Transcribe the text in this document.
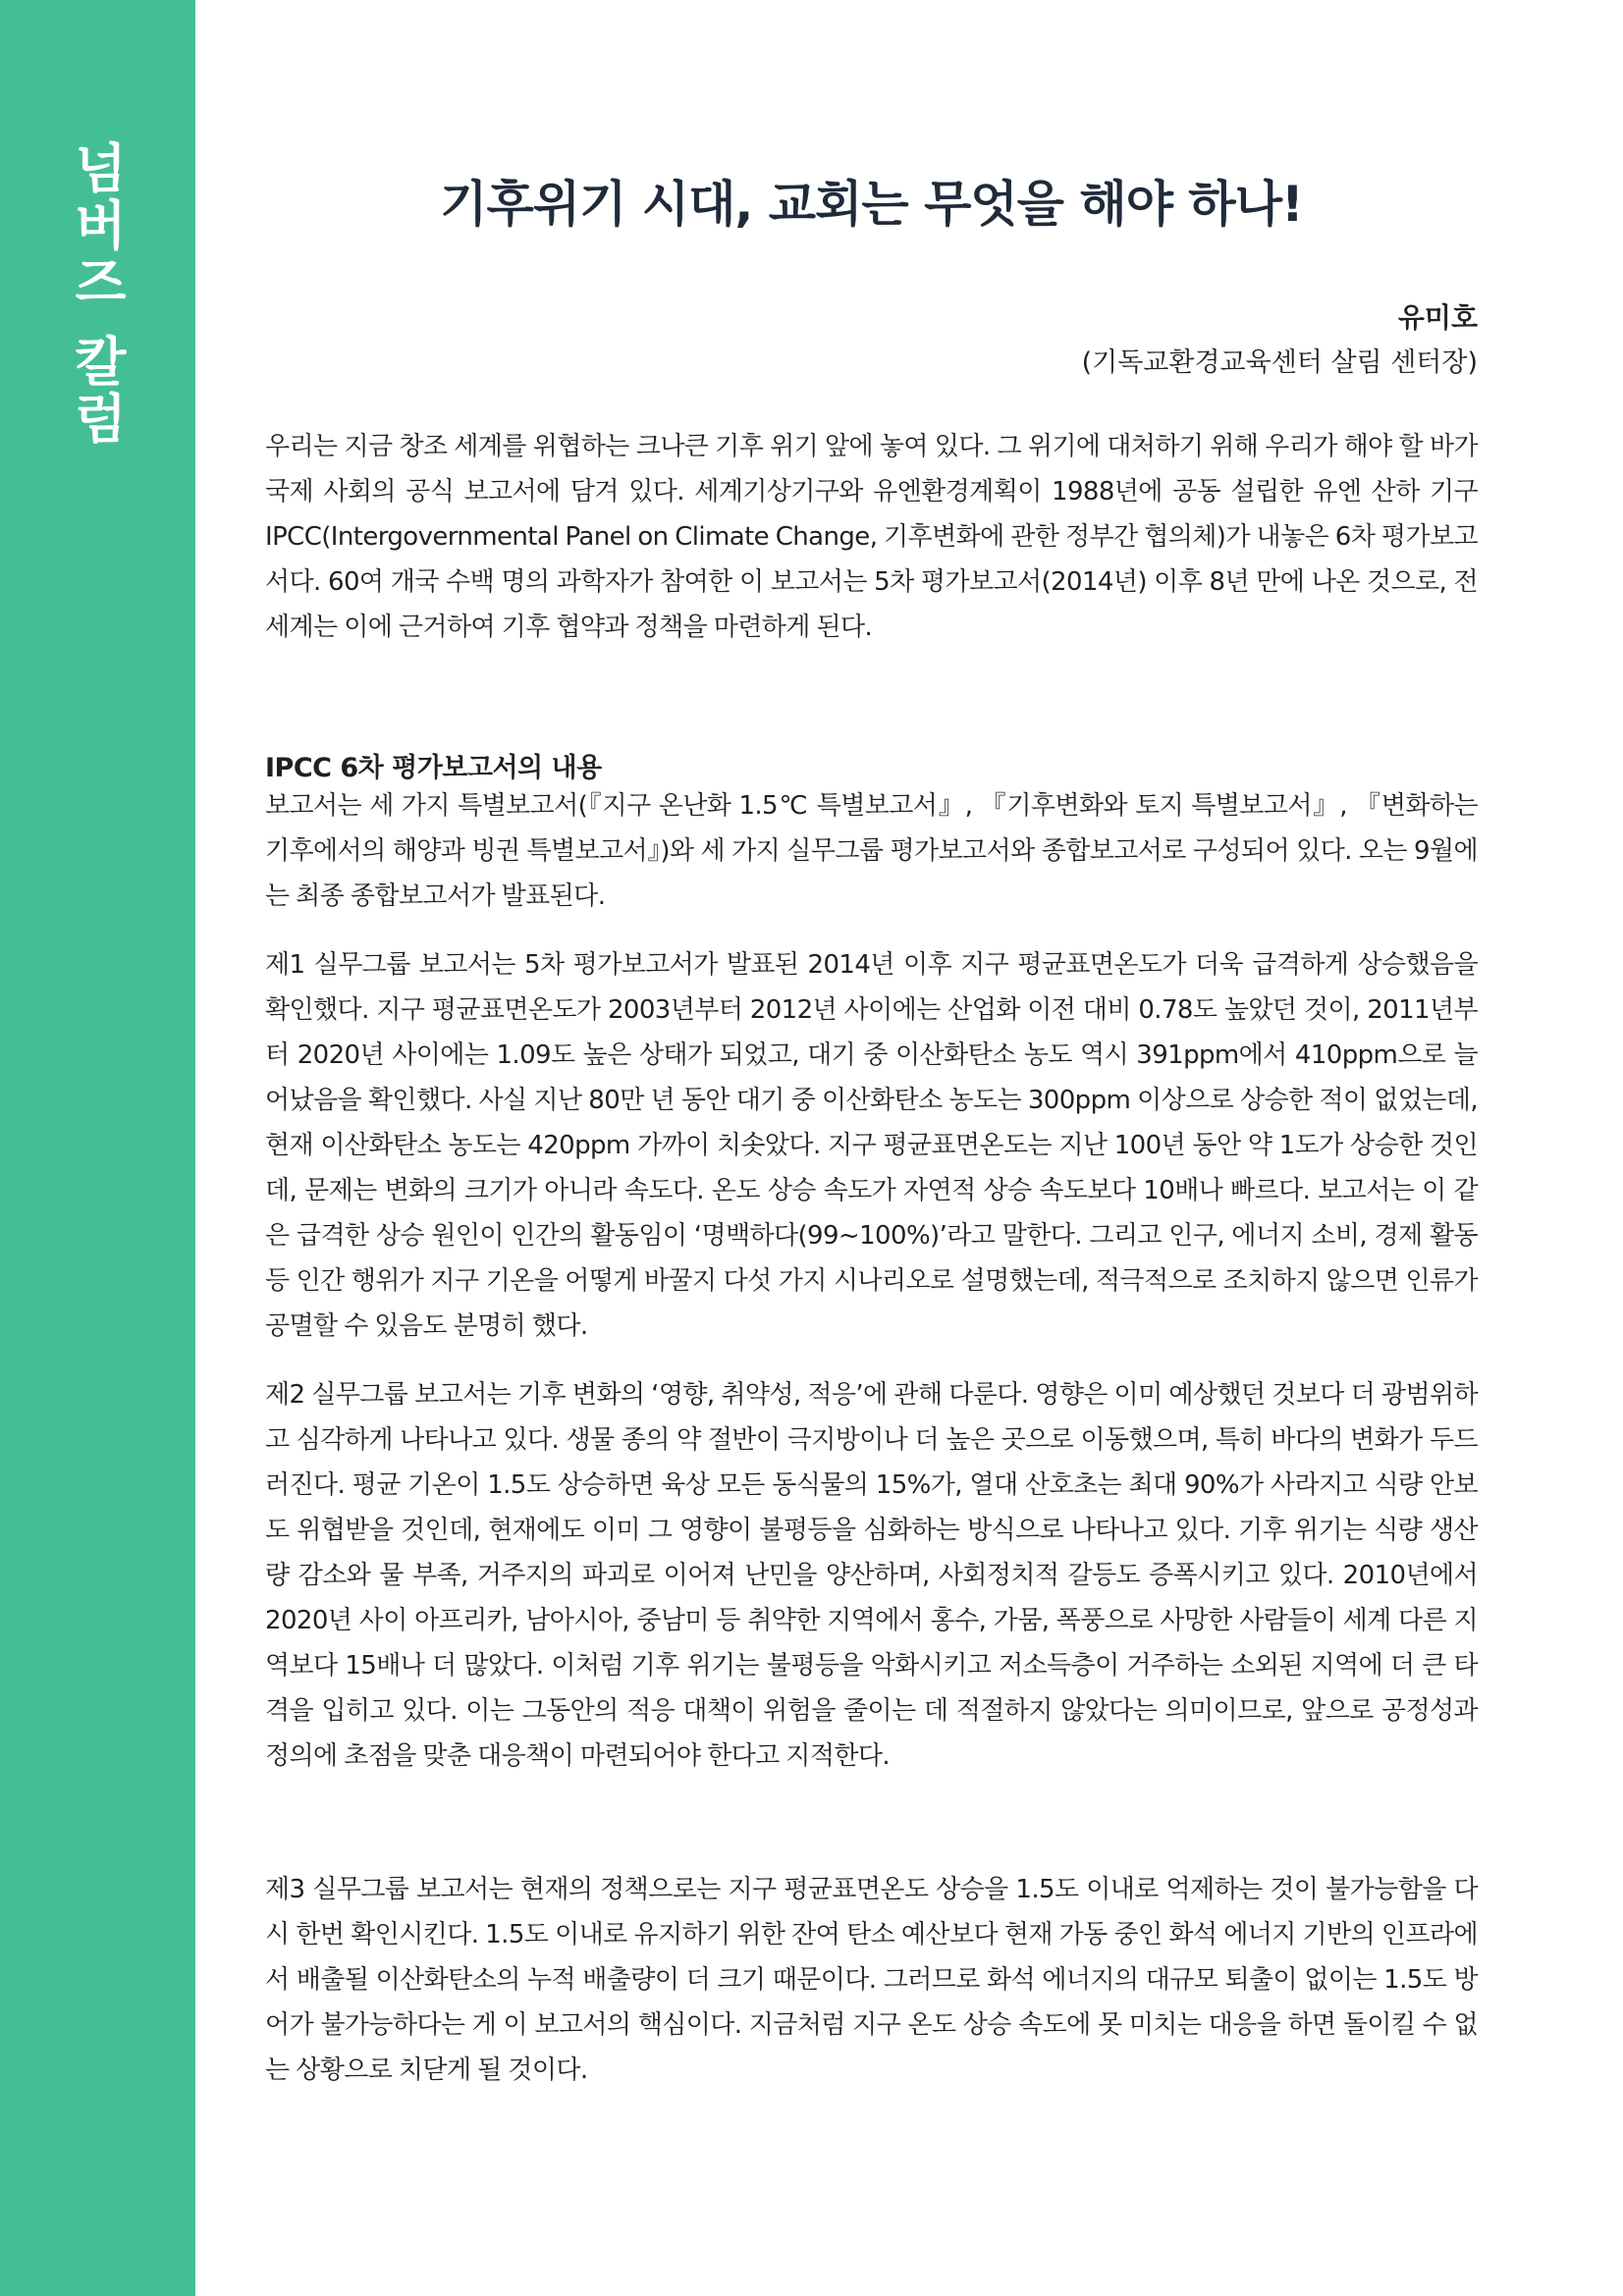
넘버즈 칼럼	기후위기 시대, 교회는 무엇을 해야 하나!

유미호

(기독교환경교육센터 살림 센터장)

우리는 지금 창조 세계를 위협하는 크나큰 기후 위기 앞에 놓여 있다. 그 위기에 대처하기 위해 우리가 해야 할 바가 국제 사회의 공식 보고서에 담겨 있다. 세계기상기구와 유엔환경계획이 1988년에 공동 설립한 유엔 산하 기구 IPCC(Intergovernmental Panel on Climate Change, 기후변화에 관한 정부간 협의체)가 내놓은 6차 평가보고서다. 60여 개국 수백 명의 과학자가 참여한 이 보고서는 5차 평가보고서(2014년) 이후 8년 만에 나온 것으로, 전 세계는 이에 근거하여 기후 협약과 정책을 마련하게 된다.

IPCC 6차 평가보고서의 내용

보고서는 세 가지 특별보고서(『지구 온난화 1.5℃ 특별보고서』, 『기후변화와 토지 특별보고서』, 『변화하는 기후에서의 해양과 빙권 특별보고서』)와 세 가지 실무그룹 평가보고서와 종합보고서로 구성되어 있다. 오는 9월에는 최종 종합보고서가 발표된다.

제1 실무그룹 보고서는 5차 평가보고서가 발표된 2014년 이후 지구 평균표면온도가 더욱 급격하게 상승했음을 확인했다. 지구 평균표면온도가 2003년부터 2012년 사이에는 산업화 이전 대비 0.78도 높았던 것이, 2011년부터 2020년 사이에는 1.09도 높은 상태가 되었고, 대기 중 이산화탄소 농도 역시 391ppm에서 410ppm으로 늘어났음을 확인했다. 사실 지난 80만 년 동안 대기 중 이산화탄소 농도는 300ppm 이상으로 상승한 적이 없었는데, 현재 이산화탄소 농도는 420ppm 가까이 치솟았다. 지구 평균표면온도는 지난 100년 동안 약 1도가 상승한 것인데, 문제는 변화의 크기가 아니라 속도다. 온도 상승 속도가 자연적 상승 속도보다 10배나 빠르다. 보고서는 이 같은 급격한 상승 원인이 인간의 활동임이 ‘명백하다(99~100%)’라고 말한다. 그리고 인구, 에너지 소비, 경제 활동 등 인간 행위가 지구 기온을 어떻게 바꿀지 다섯 가지 시나리오로 설명했는데, 적극적으로 조치하지 않으면 인류가 공멸할 수 있음도 분명히 했다.

제2 실무그룹 보고서는 기후 변화의 ‘영향, 취약성, 적응’에 관해 다룬다. 영향은 이미 예상했던 것보다 더 광범위하고 심각하게 나타나고 있다. 생물 종의 약 절반이 극지방이나 더 높은 곳으로 이동했으며, 특히 바다의 변화가 두드러진다. 평균 기온이 1.5도 상승하면 육상 모든 동식물의 15%가, 열대 산호초는 최대 90%가 사라지고 식량 안보도 위협받을 것인데, 현재에도 이미 그 영향이 불평등을 심화하는 방식으로 나타나고 있다. 기후 위기는 식량 생산량 감소와 물 부족, 거주지의 파괴로 이어져 난민을 양산하며, 사회정치적 갈등도 증폭시키고 있다. 2010년에서 2020년 사이 아프리카, 남아시아, 중남미 등 취약한 지역에서 홍수, 가뭄, 폭풍으로 사망한 사람들이 세계 다른 지역보다 15배나 더 많았다. 이처럼 기후 위기는 불평등을 악화시키고 저소득층이 거주하는 소외된 지역에 더 큰 타격을 입히고 있다. 이는 그동안의 적응 대책이 위험을 줄이는 데 적절하지 않았다는 의미이므로, 앞으로 공정성과 정의에 초점을 맞춘 대응책이 마련되어야 한다고 지적한다.

제3 실무그룹 보고서는 현재의 정책으로는 지구 평균표면온도 상승을 1.5도 이내로 억제하는 것이 불가능함을 다시 한번 확인시킨다. 1.5도 이내로 유지하기 위한 잔여 탄소 예산보다 현재 가동 중인 화석 에너지 기반의 인프라에서 배출될 이산화탄소의 누적 배출량이 더 크기 때문이다. 그러므로 화석 에너지의 대규모 퇴출이 없이는 1.5도 방어가 불가능하다는 게 이 보고서의 핵심이다. 지금처럼 지구 온도 상승 속도에 못 미치는 대응을 하면 돌이킬 수 없는 상황으로 치닫게 될 것이다.
